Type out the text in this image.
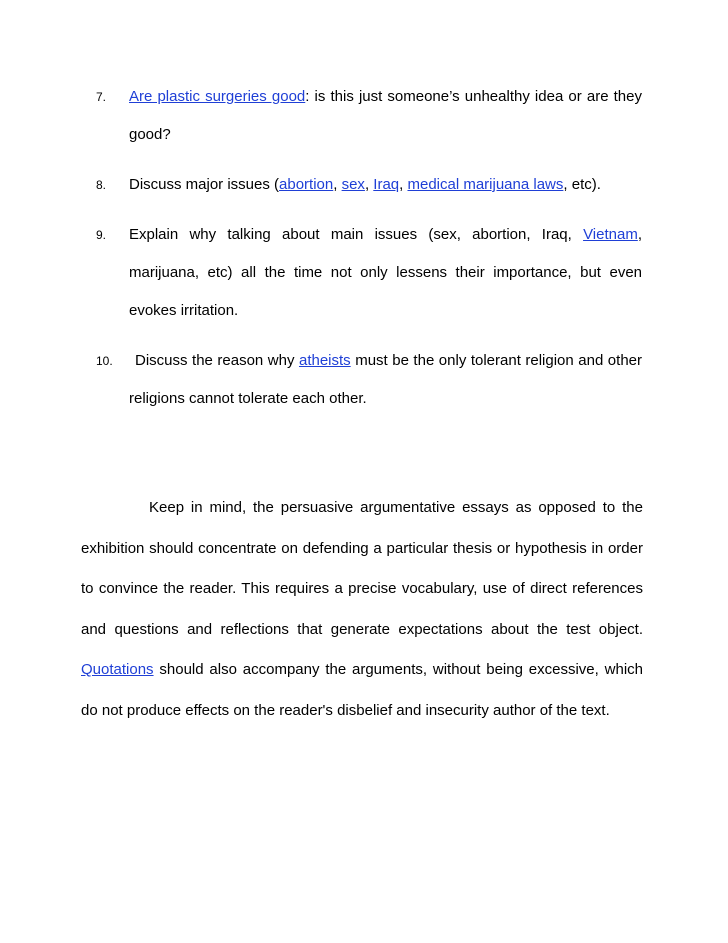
7. Are plastic surgeries good: is this just someone’s unhealthy idea or are they good?
8. Discuss major issues (abortion, sex, Iraq, medical marijuana laws, etc).
9. Explain why talking about main issues (sex, abortion, Iraq, Vietnam, marijuana, etc) all the time not only lessens their importance, but even evokes irritation.
10.	Discuss the reason why atheists must be the only tolerant religion and other religions cannot tolerate each other.

Keep in mind, the persuasive argumentative essays as opposed to the exhibition should concentrate on defending a particular thesis or hypothesis in order to convince the reader. This requires a precise vocabulary, use of direct references and questions and reflections that generate expectations about the test object. Quotations should also accompany the arguments, without being excessive, which do not produce effects on the reader's disbelief and insecurity author of the text.
